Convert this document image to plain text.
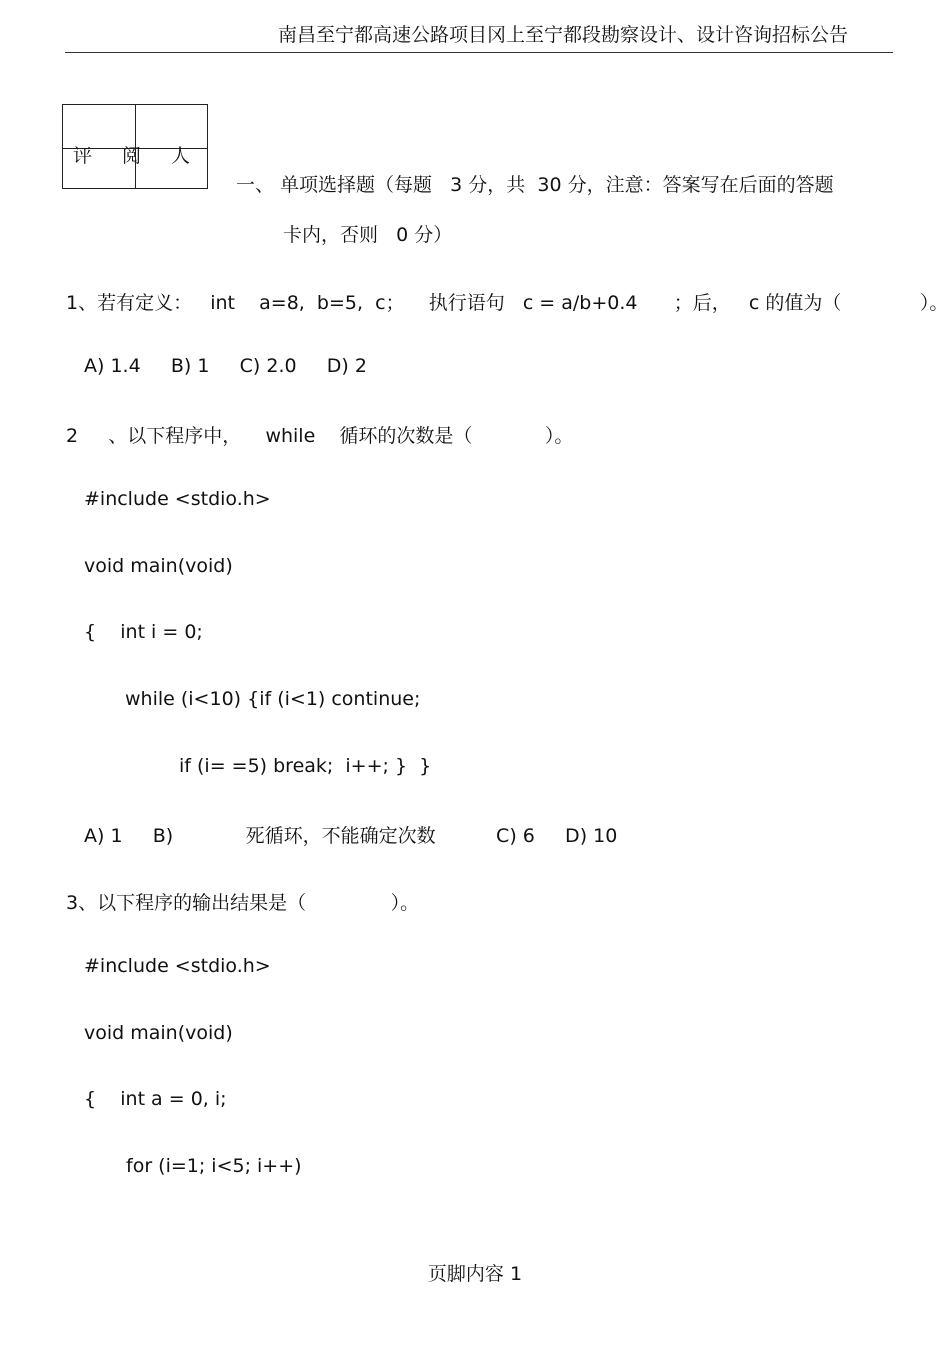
南昌至宁都高速公路项目冈上至宁都段勘察设计、设计咨询招标公告
评阅人
一、 单项选择题（每题   3 分，共  30 分，注意：答案写在后面的答题
卡内，否则   0 分）
1、若有定义：   int    a=8,  b=5,  c；    执行语句   c = a/b+0.4      ；后，   c 的值为（             ）。
A) 1.4     B) 1     C) 2.0     D) 2
2     、以下程序中，    while    循环的次数是（            ）。
#include <stdio.h>
void main(void)
{    int i = 0;
while (i<10) {if (i<1) continue;
if (i= =5) break;  i++; }  }
A) 1     B)            死循环，不能确定次数          C) 6     D) 10
3、以下程序的输出结果是（              ）。
#include <stdio.h>
void main(void)
{    int a = 0, i;
for (i=1; i<5; i++)
页脚内容 1
